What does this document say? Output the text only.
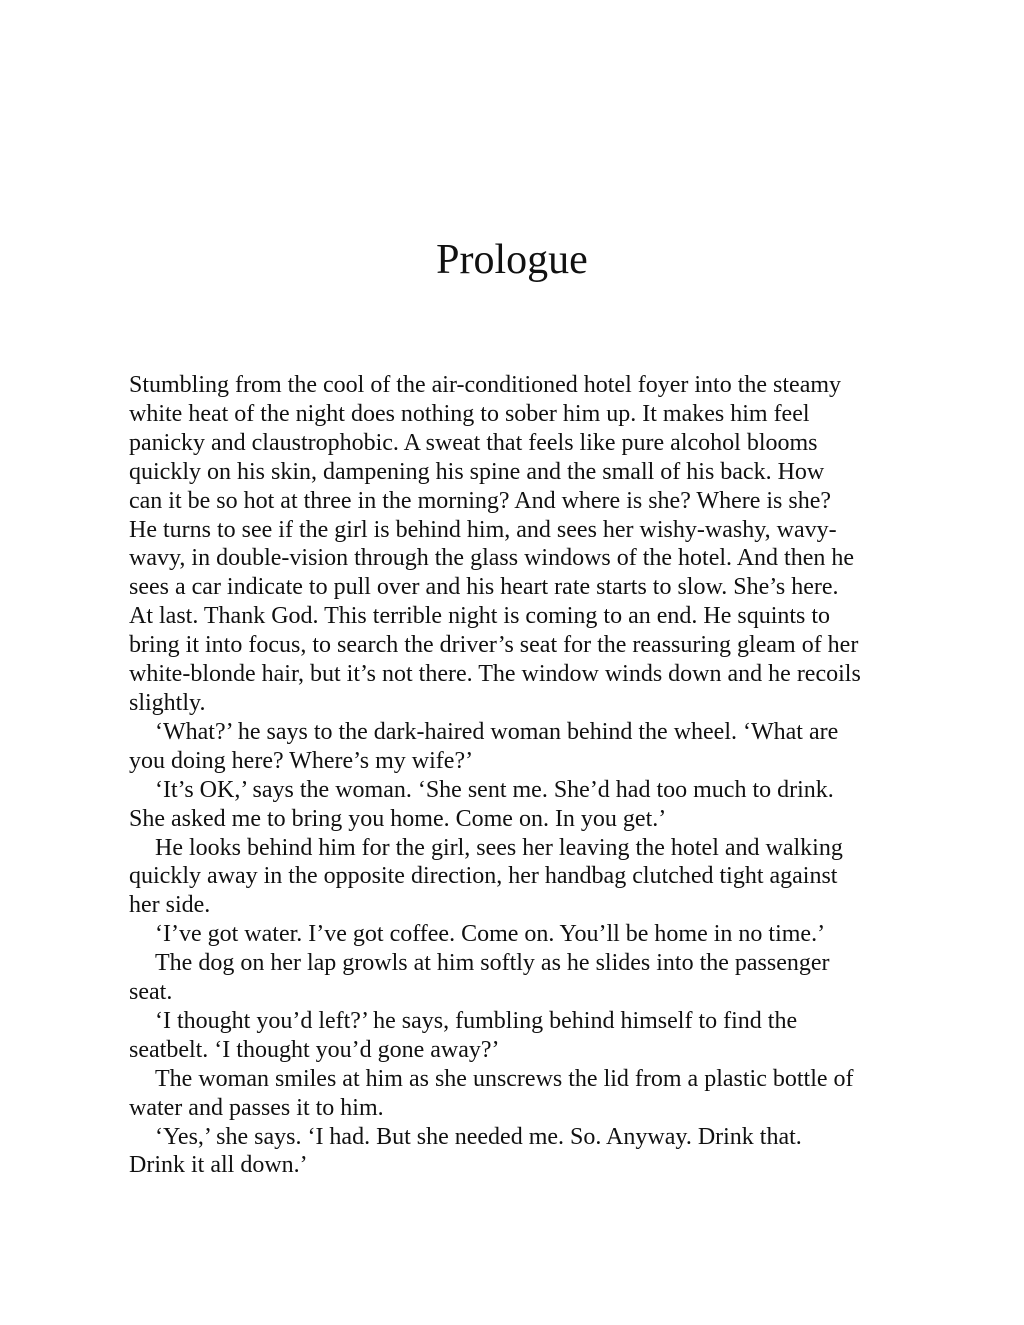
Prologue

Stumbling from the cool of the air-conditioned hotel foyer into the steamy
white heat of the night does nothing to sober him up. It makes him feel
panicky and claustrophobic. A sweat that feels like pure alcohol blooms
quickly on his skin, dampening his spine and the small of his back. How
can it be so hot at three in the morning? And where is she? Where is she?
He turns to see if the girl is behind him, and sees her wishy-washy, wavy-
wavy, in double-vision through the glass windows of the hotel. And then he
sees a car indicate to pull over and his heart rate starts to slow. She’s here.
At last. Thank God. This terrible night is coming to an end. He squints to
bring it into focus, to search the driver’s seat for the reassuring gleam of her
white-blonde hair, but it’s not there. The window winds down and he recoils
slightly.

‘What?’ he says to the dark-haired woman behind the wheel. ‘What are
you doing here? Where’s my wife?’

‘It’s OK,’ says the woman. ‘She sent me. She’d had too much to drink.
She asked me to bring you home. Come on. In you get.’

He looks behind him for the girl, sees her leaving the hotel and walking
quickly away in the opposite direction, her handbag clutched tight against
her side.

‘I’ve got water. I’ve got coffee. Come on. You’ll be home in no time.’

The dog on her lap growls at him softly as he slides into the passenger
seat.

‘I thought you’d left?’ he says, fumbling behind himself to find the
seatbelt. ‘I thought you’d gone away?’

The woman smiles at him as she unscrews the lid from a plastic bottle of
water and passes it to him.

‘Yes,’ she says. ‘I had. But she needed me. So. Anyway. Drink that.
Drink it all down.’
